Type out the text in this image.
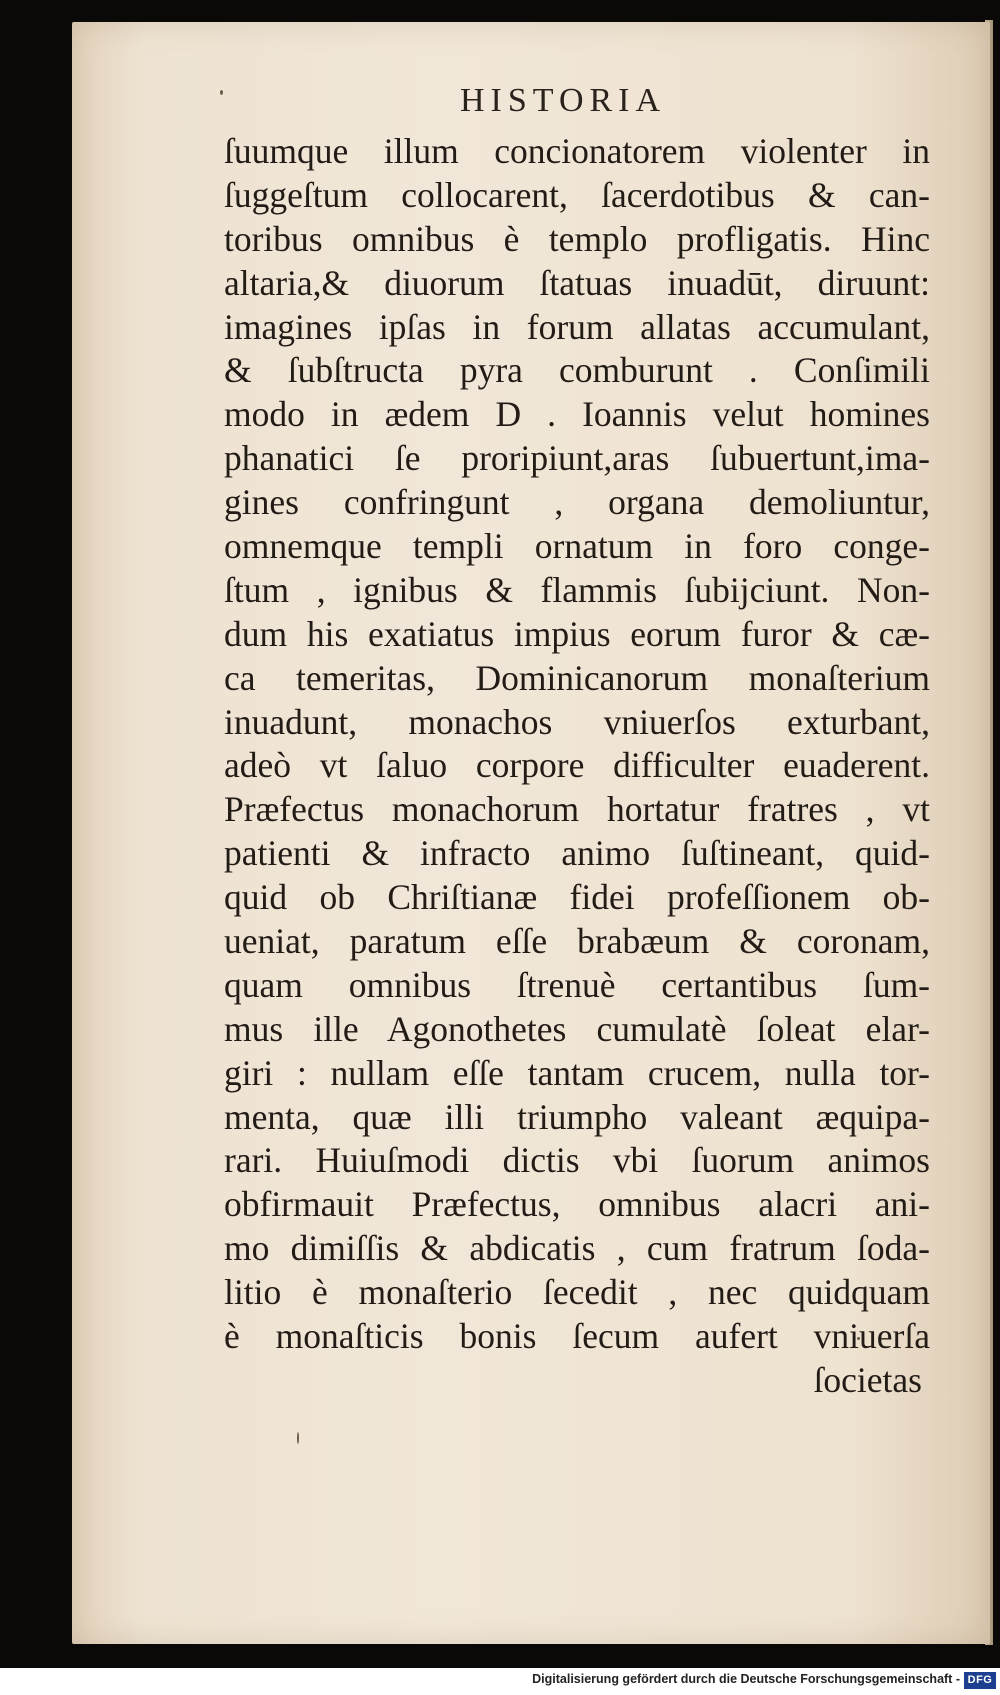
HISTORIA
ſuumque illum concionatorem violenter in
ſuggeſtum collocarent, ſacerdotibus & can-
toribus omnibus è templo profligatis. Hinc
altaria,& diuorum ſtatuas inuadūt, diruunt:
imagines ipſas in forum allatas accumulant,
& ſubſtructa pyra comburunt . Conſimili
modo in ædem D . Ioannis velut homines
phanatici ſe proripiunt,aras ſubuertunt,ima-
gines confringunt , organa demoliuntur,
omnemque templi ornatum in foro conge-
ſtum , ignibus & flammis ſubijciunt. Non-
dum his exatiatus impius eorum furor & cæ-
ca temeritas, Dominicanorum monaſterium
inuadunt, monachos vniuerſos exturbant,
adeò vt ſaluo corpore difficulter euaderent.
Præfectus monachorum hortatur fratres , vt
patienti & infracto animo ſuſtineant, quid-
quid ob Chriſtianæ fidei profeſſionem ob-
ueniat, paratum eſſe brabæum & coronam,
quam omnibus ſtrenuè certantibus ſum-
mus ille Agonothetes cumulatè ſoleat elar-
giri : nullam eſſe tantam crucem, nulla tor-
menta, quæ illi triumpho valeant æquipa-
rari. Huiuſmodi dictis vbi ſuorum animos
obfirmauit Præfectus, omnibus alacri ani-
mo dimiſſis & abdicatis , cum fratrum ſoda-
litio è monaſterio ſecedit , nec quidquam
è monaſticis bonis ſecum aufert vniuerſa
ſocietas
Digitalisierung gefördert durch die Deutsche Forschungsgemeinschaft - DFG
